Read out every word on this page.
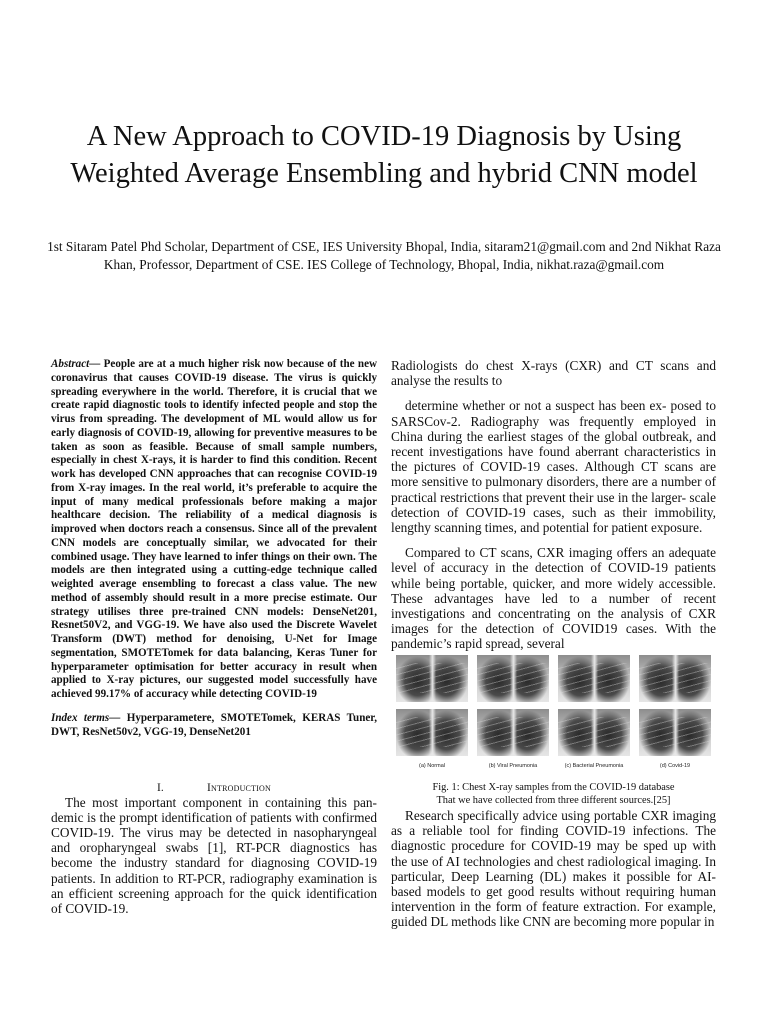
A New Approach to COVID-19 Diagnosis by Using Weighted Average Ensembling and hybrid CNN model
1st Sitaram Patel Phd Scholar, Department of CSE, IES University Bhopal, India, sitaram21@gmail.com and 2nd Nikhat Raza Khan, Professor, Department of CSE. IES College of Technology, Bhopal, India, nikhat.raza@gmail.com

Abstract— People are at a much higher risk now because of the new coronavirus that causes COVID-19 disease. The virus is quickly spreading everywhere in the world. Therefore, it is crucial that we create rapid diagnostic tools to identify infected people and stop the virus from spreading. The development of ML would allow us for early diagnosis of COVID-19, allowing for preventive measures to be taken as soon as feasible. Because of small sample numbers, especially in chest X-rays, it is harder to find this condition. Recent work has developed CNN approaches that can recognise COVID-19 from X-ray images. In the real world, it’s preferable to acquire the input of many medical professionals before making a major healthcare decision. The reliability of a medical diagnosis is improved when doctors reach a consensus. Since all of the prevalent CNN models are conceptually similar, we advocated for their combined usage. They have learned to infer things on their own. The models are then integrated using a cutting-edge technique called weighted average ensembling to forecast a class value. The new method of assembly should result in a more precise estimate. Our strategy utilises three pre-trained CNN models: DenseNet201, Resnet50V2, and VGG-19. We have also used the Discrete Wavelet Transform (DWT) method for denoising, U-Net for Image segmentation, SMOTETomek for data balancing, Keras Tuner for hyperparameter optimisation for better accuracy in result when applied to X-ray pictures, our suggested model successfully have achieved 99.17% of accuracy while detecting COVID-19

Index terms— Hyperparametere, SMOTETomek, KERAS Tuner, DWT, ResNet50v2, VGG-19, DenseNet201

I.	Introduction

The most important component in containing this pan- demic is the prompt identification of patients with confirmed COVID-19. The virus may be detected in nasopharyngeal and oropharyngeal swabs [1], RT-PCR diagnostics has become the industry standard for diagnosing COVID-19 patients. In addition to RT-PCR, radiography examination is an efficient screening approach for the quick identification of COVID-19.

Radiologists do chest X-rays (CXR) and CT scans and analyse the results to

determine whether or not a suspect has been ex- posed to SARSCov-2. Radiography was frequently employed in China during the earliest stages of the global outbreak, and recent investigations have found aberrant characteristics in the pictures of COVID-19 cases. Although CT scans are more sensitive to pulmonary disorders, there are a number of practical restrictions that prevent their use in the larger- scale detection of COVID-19 cases, such as their immobility, lengthy scanning times, and potential for patient exposure.

Compared to CT scans, CXR imaging offers an adequate level of accuracy in the detection of COVID-19 patients while being portable, quicker, and more widely accessible. These advantages have led to a number of recent investigations and concentrating on the analysis of CXR images for the detection of COVID19 cases. With the pandemic’s rapid spread, several

(a) Normal	(b) Viral Pneumonia	(c) Bacterial Pneumonia	(d) Covid-19
Fig. 1: Chest X-ray samples from the COVID-19 database
That we have collected from three different sources.[25]

Research specifically advice using portable CXR imaging as a reliable tool for finding COVID-19 infections. The diagnostic procedure for COVID-19 may be sped up with the use of AI technologies and chest radiological imaging. In particular, Deep Learning (DL) makes it possible for AI-based models to get good results without requiring human intervention in the form of feature extraction. For example, guided DL methods like CNN are becoming more popular in
